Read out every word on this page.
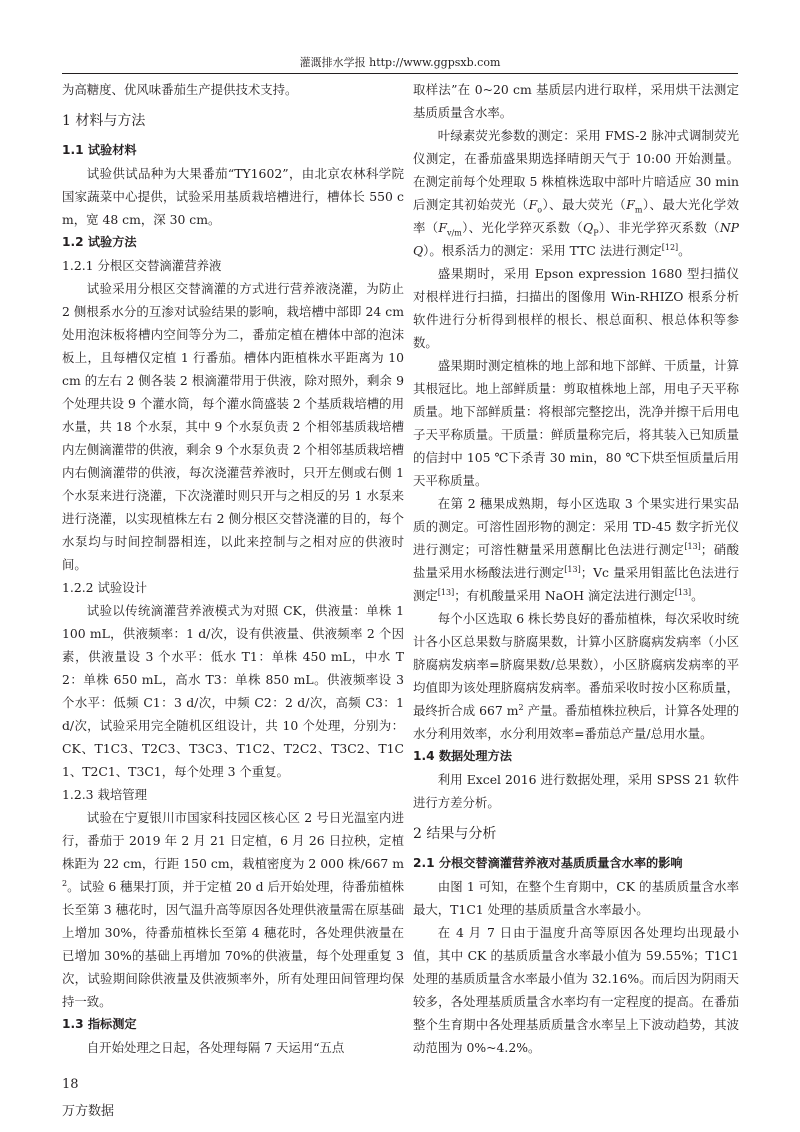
灌溉排水学报 http://www.ggpsxb.com

为高糖度、优风味番茄生产提供技术支持。

1 材料与方法

1.1 试验材料

试验供试品种为大果番茄“TY1602”，由北京农林科学院国家蔬菜中心提供，试验采用基质栽培槽进行，槽体长 550 cm，宽 48 cm，深 30 cm。

1.2 试验方法

1.2.1 分根区交替滴灌营养液

试验采用分根区交替滴灌的方式进行营养液浇灌，为防止 2 侧根系水分的互渗对试验结果的影响，栽培槽中部即 24 cm 处用泡沫板将槽内空间等分为二，番茄定植在槽体中部的泡沫板上，且每槽仅定植 1 行番茄。槽体内距植株水平距离为 10 cm 的左右 2 侧各装 2 根滴灌带用于供液，除对照外，剩余 9 个处理共设 9 个灌水筒，每个灌水筒盛装 2 个基质栽培槽的用水量，共 18 个水泵，其中 9 个水泵负责 2 个相邻基质栽培槽内左侧滴灌带的供液，剩余 9 个水泵负责 2 个相邻基质栽培槽内右侧滴灌带的供液，每次浇灌营养液时，只开左侧或右侧 1 个水泵来进行浇灌，下次浇灌时则只开与之相反的另 1 水泵来进行浇灌，以实现植株左右 2 侧分根区交替浇灌的目的，每个水泵均与时间控制器相连，以此来控制与之相对应的供液时间。

1.2.2 试验设计

试验以传统滴灌营养液模式为对照 CK，供液量：单株 1 100 mL，供液频率：1 d/次，设有供液量、供液频率 2 个因素，供液量设 3 个水平：低水 T1：单株 450 mL，中水 T2：单株 650 mL，高水 T3：单株 850 mL。供液频率设 3 个水平：低频 C1：3 d/次，中频 C2：2 d/次，高频 C3：1 d/次，试验采用完全随机区组设计，共 10 个处理，分别为：CK、T1C3、T2C3、T3C3、T1C2、T2C2、T3C2、T1C1、T2C1、T3C1，每个处理 3 个重复。

1.2.3 栽培管理

试验在宁夏银川市国家科技园区核心区 2 号日光温室内进行，番茄于 2019 年 2 月 21 日定植，6 月 26 日拉秧，定植株距为 22 cm，行距 150 cm，栽植密度为 2 000 株/667 $m^2$。试验 6 穗果打顶，并于定植 20 d 后开始处理，待番茄植株长至第 3 穗花时，因气温升高等原因各处理供液量需在原基础上增加 30%，待番茄植株长至第 4 穗花时，各处理供液量在已增加 30%的基础上再增加 70%的供液量，每个处理重复 3 次，试验期间除供液量及供液频率外，所有处理田间管理均保持一致。

1.3 指标测定

自开始处理之日起，各处理每隔 7 天运用“五点

取样法”在 0~20 cm 基质层内进行取样，采用烘干法测定基质质量含水率。

叶绿素荧光参数的测定：采用 FMS-2 脉冲式调制荧光仪测定，在番茄盛果期选择晴朗天气于 10:00 开始测量。在测定前每个处理取 5 株植株选取中部叶片暗适应 30 min 后测定其初始荧光$(F_o)$、最大荧光$(F_m)$、最大光化学效率$(F_{v/m})$、光化学猝灭系数$(Q_P)$、非光学猝灭系数（NPQ）。根系活力的测定：采用 TTC 法进行测定[12]。

盛果期时，采用 Epson expression 1680 型扫描仪对根样进行扫描，扫描出的图像用 Win-RHIZO 根系分析软件进行分析得到根样的根长、根总面积、根总体积等参数。

盛果期时测定植株的地上部和地下部鲜、干质量，计算其根冠比。地上部鲜质量：剪取植株地上部，用电子天平称质量。地下部鲜质量：将根部完整挖出，洗净并擦干后用电子天平称质量。干质量：鲜质量称完后，将其装入已知质量的信封中 105 ℃下杀青 30 min，80 ℃下烘至恒质量后用天平称质量。

在第 2 穗果成熟期，每小区选取 3 个果实进行果实品质的测定。可溶性固形物的测定：采用 TD-45 数字折光仪进行测定；可溶性糖量采用蒽酮比色法进行测定[13]；硝酸盐量采用水杨酸法进行测定[13]；Vc 量采用钼蓝比色法进行测定[13]；有机酸量采用 NaOH 滴定法进行测定[13]。

每个小区选取 6 株长势良好的番茄植株，每次采收时统计各小区总果数与脐腐果数，计算小区脐腐病发病率（小区脐腐病发病率=脐腐果数/总果数），小区脐腐病发病率的平均值即为该处理脐腐病发病率。番茄采收时按小区称质量，最终折合成 667 $m^2$ 产量。番茄植株拉秧后，计算各处理的水分利用效率，水分利用效率=番茄总产量/总用水量。

1.4 数据处理方法

利用 Excel 2016 进行数据处理，采用 SPSS 21 软件进行方差分析。

2 结果与分析

2.1 分根交替滴灌营养液对基质质量含水率的影响

由图 1 可知，在整个生育期中，CK 的基质质量含水率最大，T1C1 处理的基质质量含水率最小。

在 4 月 7 日由于温度升高等原因各处理均出现最小值，其中 CK 的基质质量含水率最小值为 59.55%；T1C1 处理的基质质量含水率最小值为 32.16%。而后因为阴雨天较多，各处理基质质量含水率均有一定程度的提高。在番茄整个生育期中各处理基质质量含水率呈上下波动趋势，其波动范围为 0%~4.2%。

18
万方数据
